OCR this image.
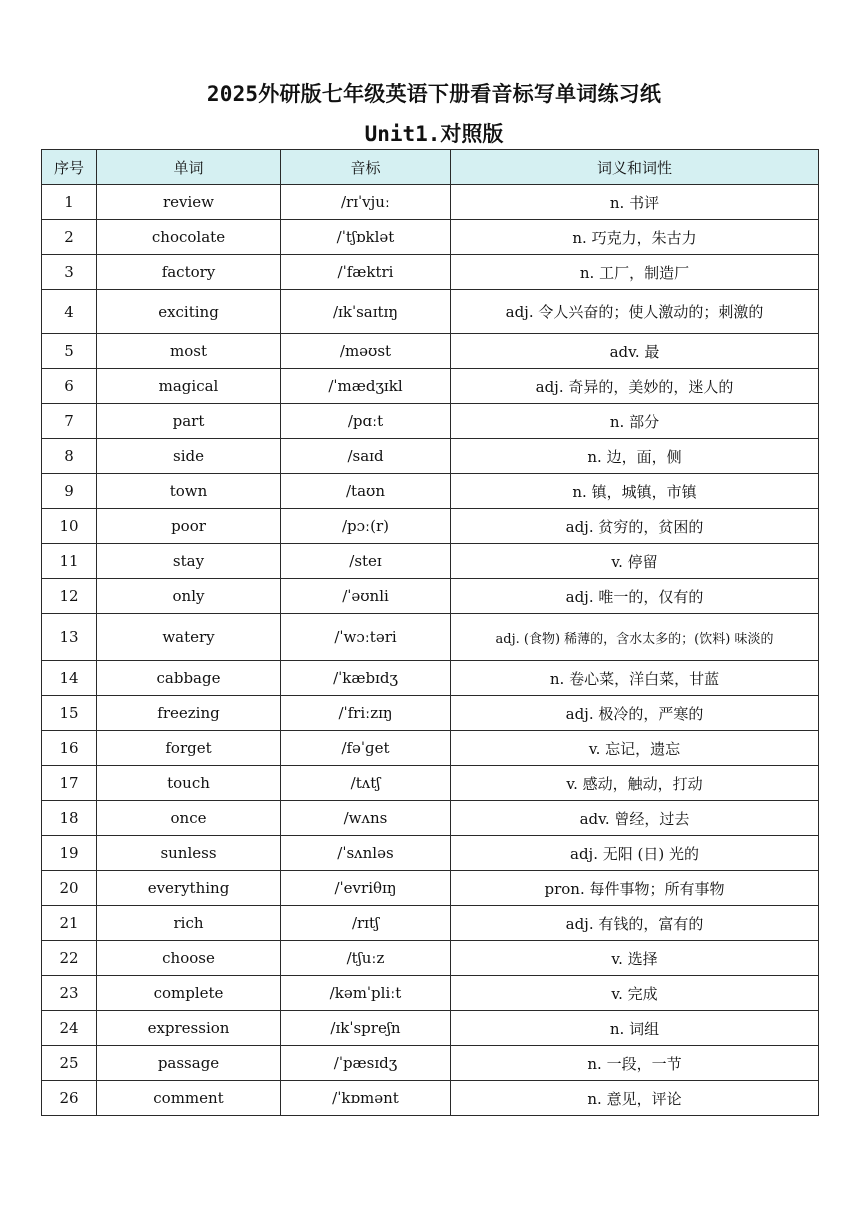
2025外研版七年级英语下册看音标写单词练习纸
Unit1.对照版
序号	单词	音标	词义和词性
1	review	/rɪˈvjuː	n. 书评
2	chocolate	/ˈtʃɒklət	n. 巧克力，朱古力
3	factory	/ˈfæktri	n. 工厂，制造厂
4	exciting	/ɪkˈsaɪtɪŋ	adj. 令人兴奋的；使人激动的；刺激的
5	most	/məʊst	adv. 最
6	magical	/ˈmædʒɪkl	adj. 奇异的，美妙的，迷人的
7	part	/pɑːt	n. 部分
8	side	/saɪd	n. 边，面，侧
9	town	/taʊn	n. 镇，城镇，市镇
10	poor	/pɔː(r)	adj. 贫穷的，贫困的
11	stay	/steɪ	v. 停留
12	only	/ˈəʊnli	adj. 唯一的，仅有的
13	watery	/ˈwɔːtəri	adj. (食物) 稀薄的，含水太多的；(饮料) 味淡的
14	cabbage	/ˈkæbɪdʒ	n. 卷心菜，洋白菜，甘蓝
15	freezing	/ˈfriːzɪŋ	adj. 极冷的，严寒的
16	forget	/fəˈɡet	v. 忘记，遗忘
17	touch	/tʌtʃ	v. 感动，触动，打动
18	once	/wʌns	adv. 曾经，过去
19	sunless	/ˈsʌnləs	adj. 无阳 (日) 光的
20	everything	/ˈevriθɪŋ	pron. 每件事物；所有事物
21	rich	/rɪtʃ	adj. 有钱的，富有的
22	choose	/tʃuːz	v. 选择
23	complete	/kəmˈpliːt	v. 完成
24	expression	/ɪkˈspreʃn	n. 词组
25	passage	/ˈpæsɪdʒ	n. 一段，一节
26	comment	/ˈkɒmənt	n. 意见，评论
